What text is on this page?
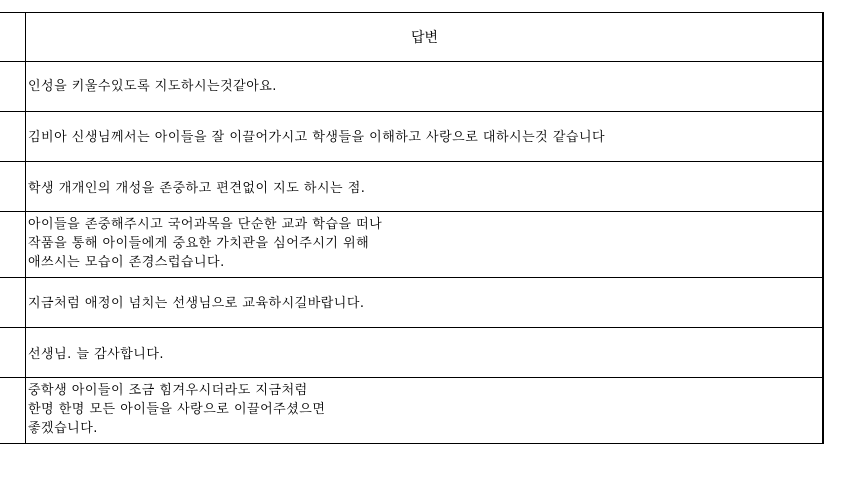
답변
인성을 키울수있도록 지도하시는것같아요.
김비아 신생님께서는 아이들을 잘 이끌어가시고 학생들을 이해하고 사랑으로 대하시는것 같습니다
학생 개개인의 개성을 존중하고 편견없이 지도 하시는 점.
아이들을 존중해주시고 국어과목을 단순한 교과 학습을 떠나
작품을 통해 아이들에게 중요한 가치관을 심어주시기 위해
애쓰시는 모습이 존경스럽습니다.
지금처럼 애정이 넘치는 선생님으로 교육하시길바랍니다.
선생님. 늘 감사합니다.
중학생 아이들이 조금 힘겨우시더라도 지금처럼
한명 한명 모든 아이들을 사랑으로 이끌어주셨으면
좋겠습니다.
